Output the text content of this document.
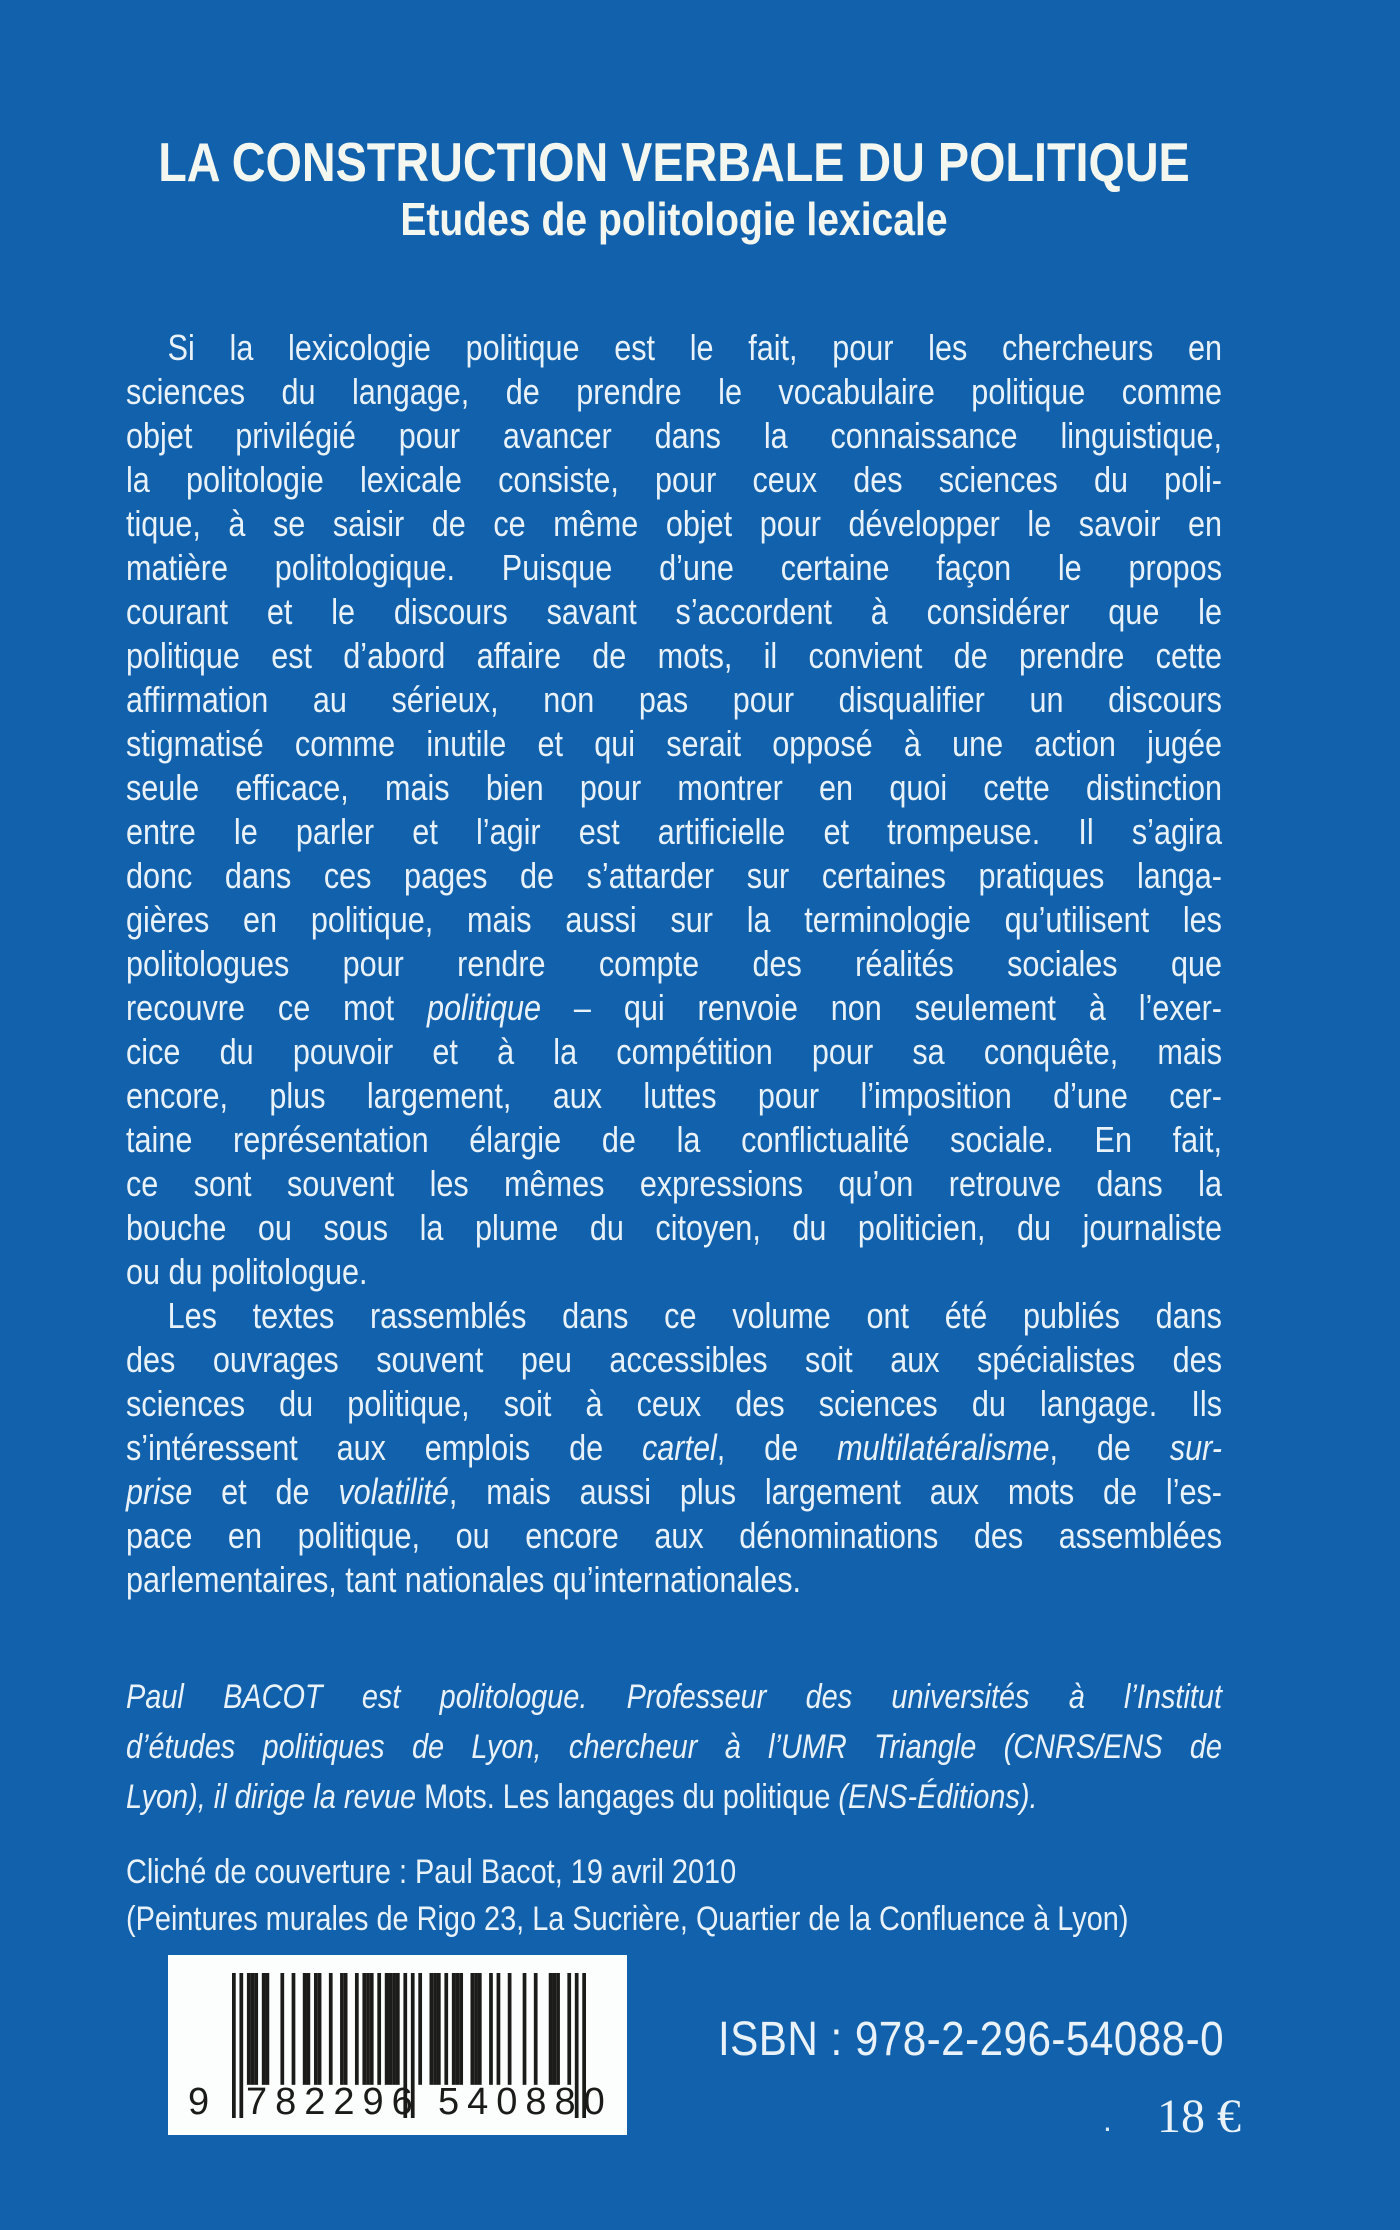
LA CONSTRUCTION VERBALE DU POLITIQUE
Etudes de politologie lexicale
Si la lexicologie politique est le fait, pour les chercheurs en
sciences du langage, de prendre le vocabulaire politique comme
objet privilégié pour avancer dans la connaissance linguistique,
la politologie lexicale consiste, pour ceux des sciences du poli-
tique, à se saisir de ce même objet pour développer le savoir en
matière politologique. Puisque d’une certaine façon le propos
courant et le discours savant s’accordent à considérer que le
politique est d’abord affaire de mots, il convient de prendre cette
affirmation au sérieux, non pas pour disqualifier un discours
stigmatisé comme inutile et qui serait opposé à une action jugée
seule efficace, mais bien pour montrer en quoi cette distinction
entre le parler et l’agir est artificielle et trompeuse. Il s’agira
donc dans ces pages de s’attarder sur certaines pratiques langa-
gières en politique, mais aussi sur la terminologie qu’utilisent les
politologues pour rendre compte des réalités sociales que
recouvre ce mot politique – qui renvoie non seulement à l’exer-
cice du pouvoir et à la compétition pour sa conquête, mais
encore, plus largement, aux luttes pour l’imposition d’une cer-
taine représentation élargie de la conflictualité sociale. En fait,
ce sont souvent les mêmes expressions qu’on retrouve dans la
bouche ou sous la plume du citoyen, du politicien, du journaliste
ou du politologue.
Les textes rassemblés dans ce volume ont été publiés dans
des ouvrages souvent peu accessibles soit aux spécialistes des
sciences du politique, soit à ceux des sciences du langage. Ils
s’intéressent aux emplois de cartel, de multilatéralisme, de sur-
prise et de volatilité, mais aussi plus largement aux mots de l’es-
pace en politique, ou encore aux dénominations des assemblées
parlementaires, tant nationales qu’internationales.
Paul BACOT est politologue. Professeur des universités à l’Institut
d’études politiques de Lyon, chercheur à l’UMR Triangle (CNRS/ENS de
Lyon), il dirige la revue Mots. Les langages du politique (ENS-Éditions).
Cliché de couverture : Paul Bacot, 19 avril 2010
(Peintures murales de Rigo 23, La Sucrière, Quartier de la Confluence à Lyon)
9 782296 540880
ISBN : 978-2-296-54088-0
. 18 €
